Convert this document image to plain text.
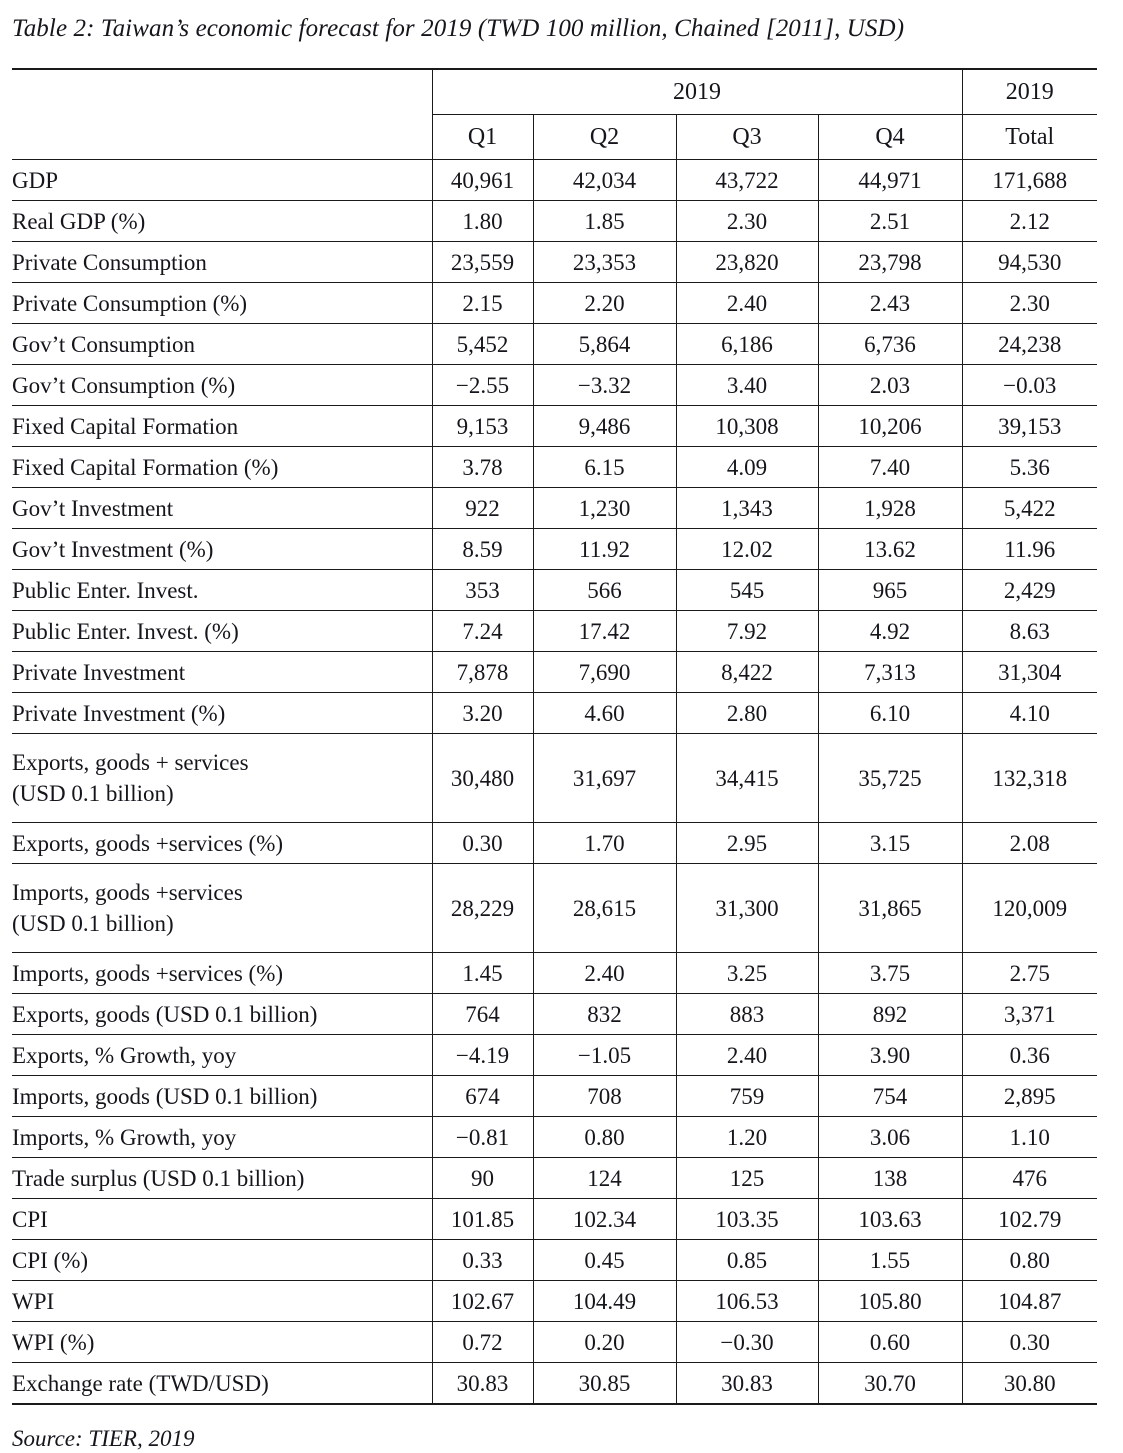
Table 2: Taiwan’s economic forecast for 2019 (TWD 100 million, Chained [2011], USD)
	2019				2019
	Q1	Q2	Q3	Q4	Total
GDP	40,961	42,034	43,722	44,971	171,688
Real GDP (%)	1.80	1.85	2.30	2.51	2.12
Private Consumption	23,559	23,353	23,820	23,798	94,530
Private Consumption (%)	2.15	2.20	2.40	2.43	2.30
Gov’t Consumption	5,452	5,864	6,186	6,736	24,238
Gov’t Consumption (%)	−2.55	−3.32	3.40	2.03	−0.03
Fixed Capital Formation	9,153	9,486	10,308	10,206	39,153
Fixed Capital Formation (%)	3.78	6.15	4.09	7.40	5.36
Gov’t Investment	922	1,230	1,343	1,928	5,422
Gov’t Investment (%)	8.59	11.92	12.02	13.62	11.96
Public Enter. Invest.	353	566	545	965	2,429
Public Enter. Invest. (%)	7.24	17.42	7.92	4.92	8.63
Private Investment	7,878	7,690	8,422	7,313	31,304
Private Investment (%)	3.20	4.60	2.80	6.10	4.10
Exports, goods + services
(USD 0.1 billion)	30,480	31,697	34,415	35,725	132,318
Exports, goods +services (%)	0.30	1.70	2.95	3.15	2.08
Imports, goods +services
(USD 0.1 billion)	28,229	28,615	31,300	31,865	120,009
Imports, goods +services (%)	1.45	2.40	3.25	3.75	2.75
Exports, goods (USD 0.1 billion)	764	832	883	892	3,371
Exports, % Growth, yoy	−4.19	−1.05	2.40	3.90	0.36
Imports, goods (USD 0.1 billion)	674	708	759	754	2,895
Imports, % Growth, yoy	−0.81	0.80	1.20	3.06	1.10
Trade surplus (USD 0.1 billion)	90	124	125	138	476
CPI	101.85	102.34	103.35	103.63	102.79
CPI (%)	0.33	0.45	0.85	1.55	0.80
WPI	102.67	104.49	106.53	105.80	104.87
WPI (%)	0.72	0.20	−0.30	0.60	0.30
Exchange rate (TWD/USD)	30.83	30.85	30.83	30.70	30.80
Source: TIER, 2019
